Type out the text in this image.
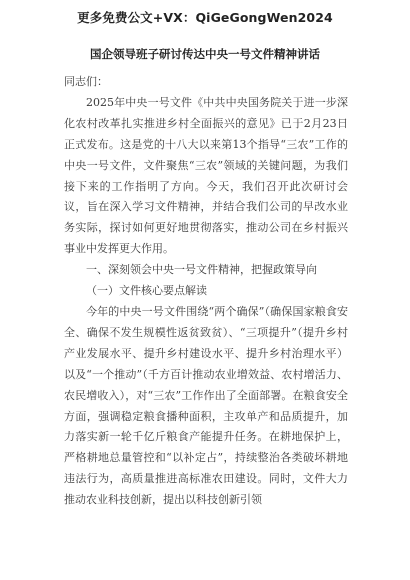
更多免费公文+VX：QiGeGongWen2024
国企领导班子研讨传达中央一号文件精神讲话

同志们：

2025年中央一号文件《中共中央国务院关于进一步深化农村改革扎实推进乡村全面振兴的意见》已于2月23日正式发布。这是党的十八大以来第13个指导“三农”工作的中央一号文件，文件聚焦“三农”领域的关键问题，为我们接下来的工作指明了方向。今天，我们召开此次研讨会议，旨在深入学习文件精神，并结合我们公司的早改水业务实际，探讨如何更好地贯彻落实，推动公司在乡村振兴事业中发挥更大作用。

一、深刻领会中央一号文件精神，把握政策导向

（一）文件核心要点解读

今年的中央一号文件围绕“两个确保”（确保国家粮食安全、确保不发生规模性返贫致贫）、“三项提升”（提升乡村产业发展水平、提升乡村建设水平、提升乡村治理水平）以及“一个推动”（千方百计推动农业增效益、农村增活力、农民增收入），对“三农”工作作出了全面部署。在粮食安全方面，强调稳定粮食播种面积，主攻单产和品质提升，加力落实新一轮千亿斤粮食产能提升任务。在耕地保护上，严格耕地总量管控和“以补定占”，持续整治各类破坏耕地违法行为，高质量推进高标准农田建设。同时，文件大力推动农业科技创新，提出以科技创新引领
